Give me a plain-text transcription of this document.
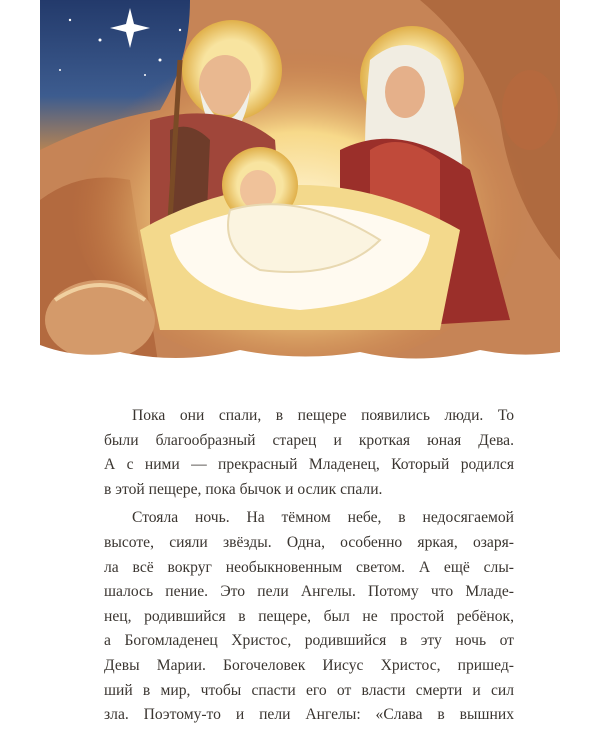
Пока они спали, в пещере появились люди. То
были благообразный старец и кроткая юная Дева.
А с ними — прекрасный Младенец, Который родился
в этой пещере, пока бычок и ослик спали.
Стояла ночь. На тёмном небе, в недосягаемой
высоте, сияли звёзды. Одна, особенно яркая, озаря-
ла всё вокруг необыкновенным светом. А ещё слы-
шалось пение. Это пели Ангелы. Потому что Младе-
нец, родившийся в пещере, был не простой ребёнок,
а Богомладенец Христос, родившийся в эту ночь от
Девы Марии. Богочеловек Иисус Христос, пришед-
ший в мир, чтобы спасти его от власти смерти и сил
зла. Поэтому-то и пели Ангелы: «Слава в вышних
